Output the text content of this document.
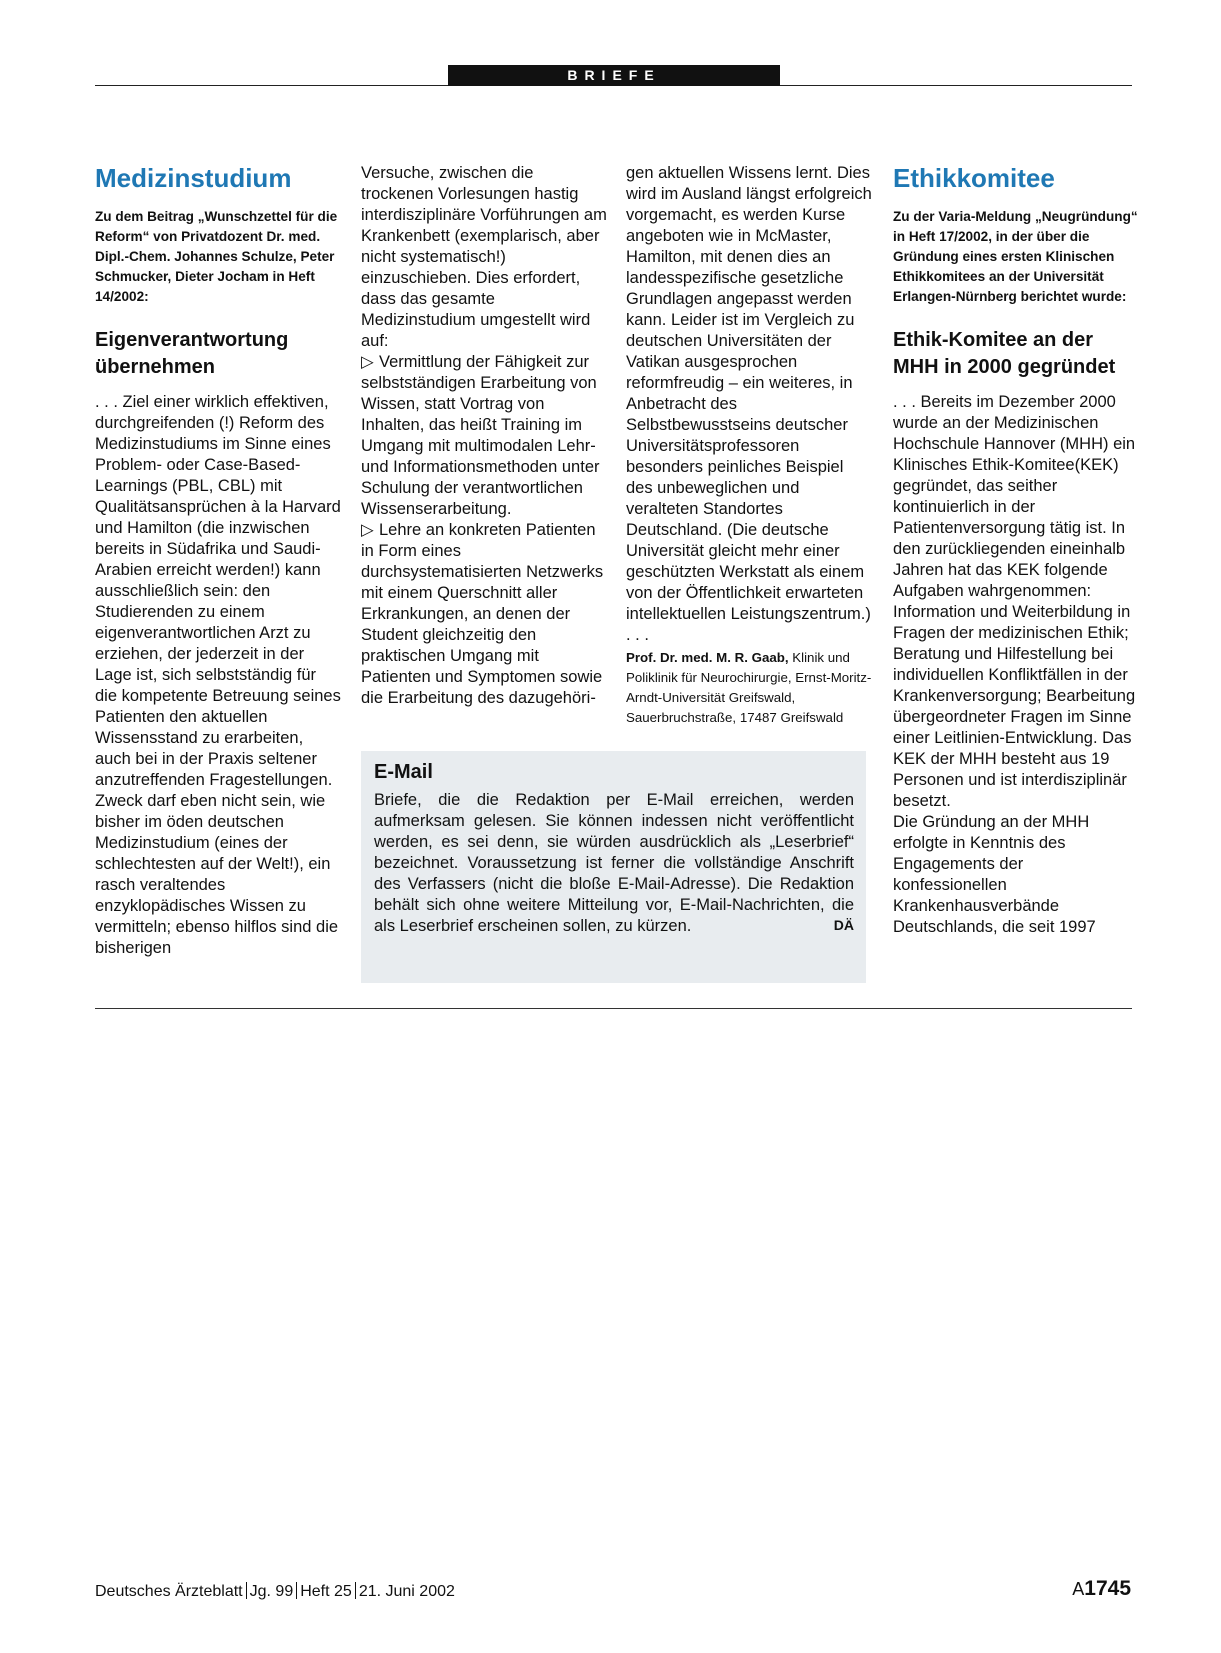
BRIEFE
Medizinstudium

Zu dem Beitrag „Wunschzettel für die Reform“ von Privatdozent Dr. med. Dipl.-Chem. Johannes Schulze, Peter Schmucker, Dieter Jocham in Heft 14/2002:

Eigenverantwortung übernehmen

. . . Ziel einer wirklich effektiven, durchgreifenden (!) Reform des Medizinstudiums im Sinne eines Problem- oder Case-Based-Learnings (PBL, CBL) mit Qualitätsansprüchen à la Harvard und Hamilton (die inzwischen bereits in Südafrika und Saudi-Arabien erreicht werden!) kann ausschließlich sein: den Studierenden zu einem eigenverantwortlichen Arzt zu erziehen, der jederzeit in der Lage ist, sich selbstständig für die kompetente Betreuung seines Patienten den aktuellen Wissensstand zu erarbeiten, auch bei in der Praxis seltener anzutreffenden Fragestellungen. Zweck darf eben nicht sein, wie bisher im öden deutschen Medizinstudium (eines der schlechtesten auf der Welt!), ein rasch veraltendes enzyklopädisches Wissen zu vermitteln; ebenso hilflos sind die bisherigen

Versuche, zwischen die trockenen Vorlesungen hastig interdisziplinäre Vorführungen am Krankenbett (exemplarisch, aber nicht systematisch!) einzuschieben. Dies erfordert, dass das gesamte Medizinstudium umgestellt wird auf:

▷ Vermittlung der Fähigkeit zur selbstständigen Erarbeitung von Wissen, statt Vortrag von Inhalten, das heißt Training im Umgang mit multimodalen Lehr- und Informationsmethoden unter Schulung der verantwortlichen Wissenserarbeitung.

▷ Lehre an konkreten Patienten in Form eines durchsystematisierten Netzwerks mit einem Querschnitt aller Erkrankungen, an denen der Student gleichzeitig den praktischen Umgang mit Patienten und Symptomen sowie die Erarbeitung des dazugehöri-

gen aktuellen Wissens lernt. Dies wird im Ausland längst erfolgreich vorgemacht, es werden Kurse angeboten wie in McMaster, Hamilton, mit denen dies an landesspezifische gesetzliche Grundlagen angepasst werden kann. Leider ist im Vergleich zu deutschen Universitäten der Vatikan ausgesprochen reformfreudig – ein weiteres, in Anbetracht des Selbstbewusstseins deutscher Universitätsprofessoren besonders peinliches Beispiel des unbeweglichen und veralteten Standortes Deutschland. (Die deutsche Universität gleicht mehr einer geschützten Werkstatt als einem von der Öffentlichkeit erwarteten intellektuellen Leistungszentrum.) . . .

Prof. Dr. med. M. R. Gaab, Klinik und Poliklinik für Neurochirurgie, Ernst-Moritz-Arndt-Universität Greifswald, Sauerbruchstraße, 17487 Greifswald

E-Mail

Briefe, die die Redaktion per E-Mail erreichen, werden aufmerksam gelesen. Sie können indessen nicht veröffentlicht werden, es sei denn, sie würden ausdrücklich als „Leserbrief“ bezeichnet. Voraussetzung ist ferner die vollständige Anschrift des Verfassers (nicht die bloße E-Mail-Adresse). Die Redaktion behält sich ohne weitere Mitteilung vor, E-Mail-Nachrichten, die als Leserbrief erscheinen sollen, zu kürzen.	DÄ
Ethikkomitee

Zu der Varia-Meldung „Neugründung“ in Heft 17/2002, in der über die Gründung eines ersten Klinischen Ethikkomitees an der Universität Erlangen-Nürnberg berichtet wurde:

Ethik-Komitee an der MHH in 2000 gegründet

. . . Bereits im Dezember 2000 wurde an der Medizinischen Hochschule Hannover (MHH) ein Klinisches Ethik-Komitee(KEK) gegründet, das seither kontinuierlich in der Patientenversorgung tätig ist. In den zurückliegenden eineinhalb Jahren hat das KEK folgende Aufgaben wahrgenommen: Information und Weiterbildung in Fragen der medizinischen Ethik; Beratung und Hilfestellung bei individuellen Konfliktfällen in der Krankenversorgung; Bearbeitung übergeordneter Fragen im Sinne einer Leitlinien-Entwicklung. Das KEK der MHH besteht aus 19 Personen und ist interdisziplinär besetzt.

Die Gründung an der MHH erfolgte in Kenntnis des Engagements der konfessionellen Krankenhausverbände Deutschlands, die seit 1997

Deutsches Ärzteblatt Jg. 99 Heft 25 21. Juni 2002	A1745
